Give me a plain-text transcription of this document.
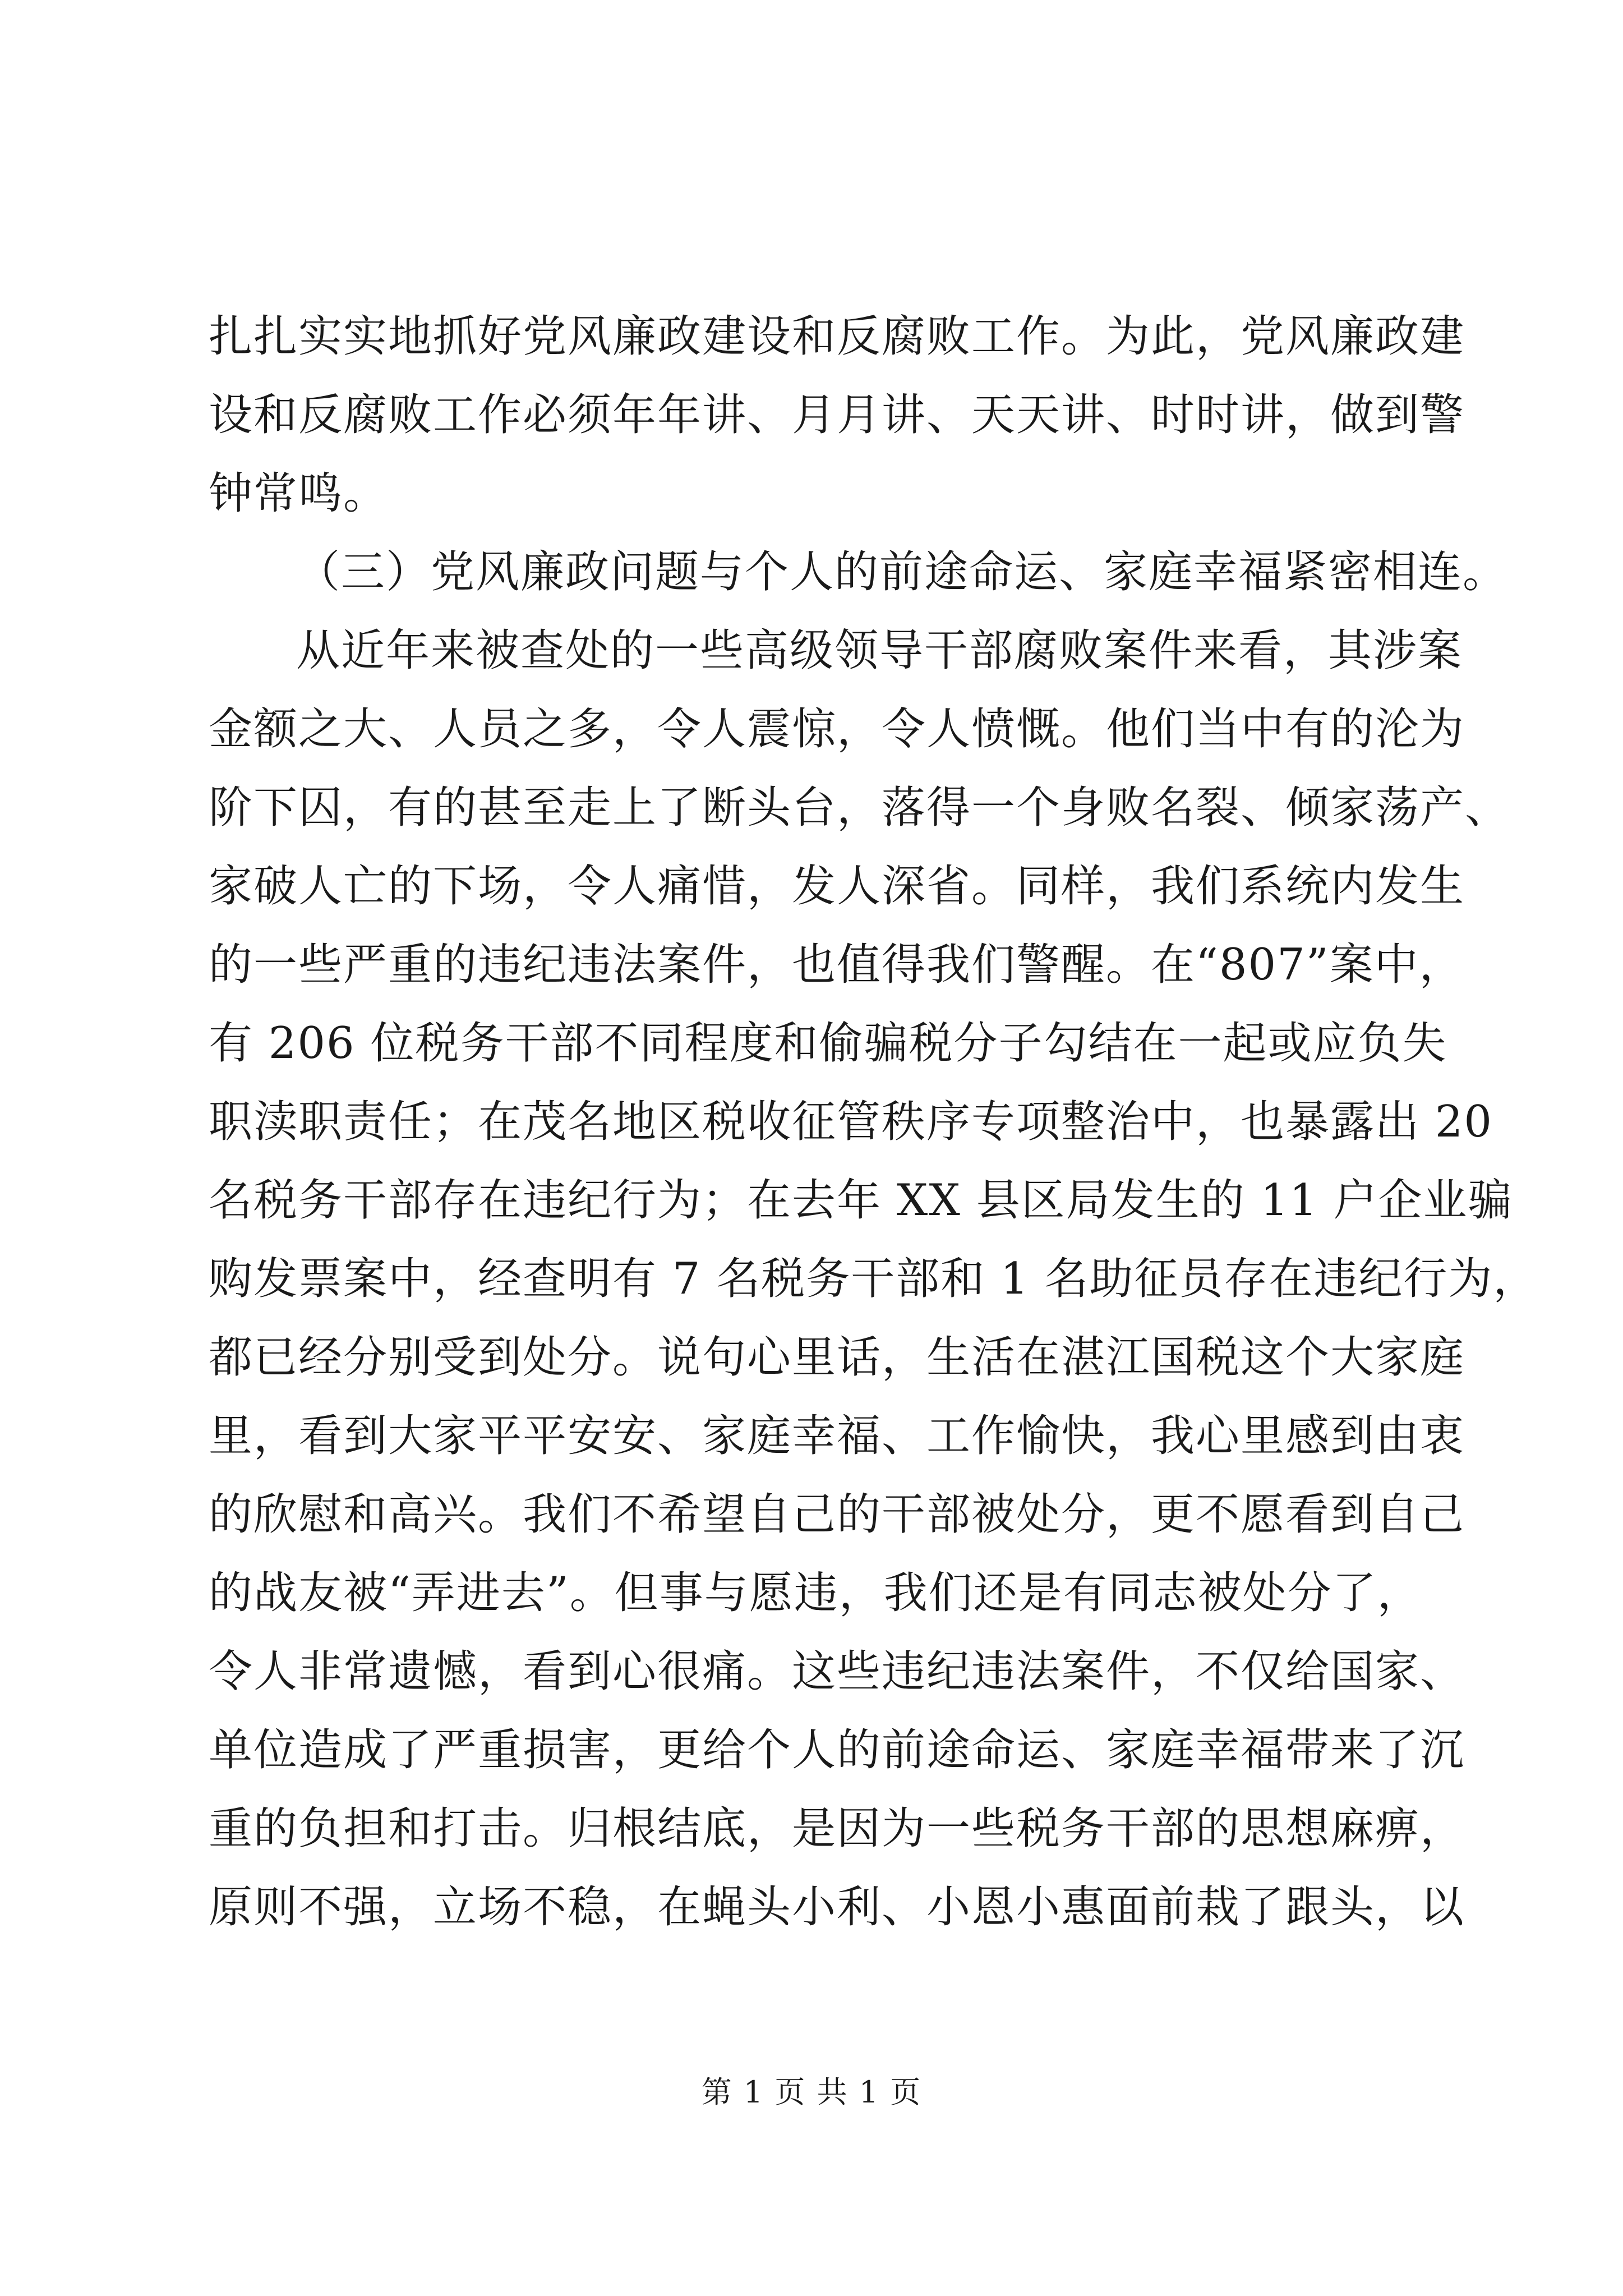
扎扎实实地抓好党风廉政建设和反腐败工作。为此，党风廉政建
设和反腐败工作必须年年讲、月月讲、天天讲、时时讲，做到警
钟常鸣。
（三）党风廉政问题与个人的前途命运、家庭幸福紧密相连。
从近年来被查处的一些高级领导干部腐败案件来看，其涉案
金额之大、人员之多，令人震惊，令人愤慨。他们当中有的沦为
阶下囚，有的甚至走上了断头台，落得一个身败名裂、倾家荡产、
家破人亡的下场，令人痛惜，发人深省。同样，我们系统内发生
的一些严重的违纪违法案件，也值得我们警醒。在“807”案中，
有 206 位税务干部不同程度和偷骗税分子勾结在一起或应负失
职渎职责任；在茂名地区税收征管秩序专项整治中，也暴露出 20
名税务干部存在违纪行为；在去年 XX 县区局发生的 11 户企业骗
购发票案中，经查明有 7 名税务干部和 1 名助征员存在违纪行为，
都已经分别受到处分。说句心里话，生活在湛江国税这个大家庭
里，看到大家平平安安、家庭幸福、工作愉快，我心里感到由衷
的欣慰和高兴。我们不希望自己的干部被处分，更不愿看到自己
的战友被“弄进去”。但事与愿违，我们还是有同志被处分了，
令人非常遗憾，看到心很痛。这些违纪违法案件，不仅给国家、
单位造成了严重损害，更给个人的前途命运、家庭幸福带来了沉
重的负担和打击。归根结底，是因为一些税务干部的思想麻痹，
原则不强，立场不稳，在蝇头小利、小恩小惠面前栽了跟头，以
第 1 页 共 1 页
